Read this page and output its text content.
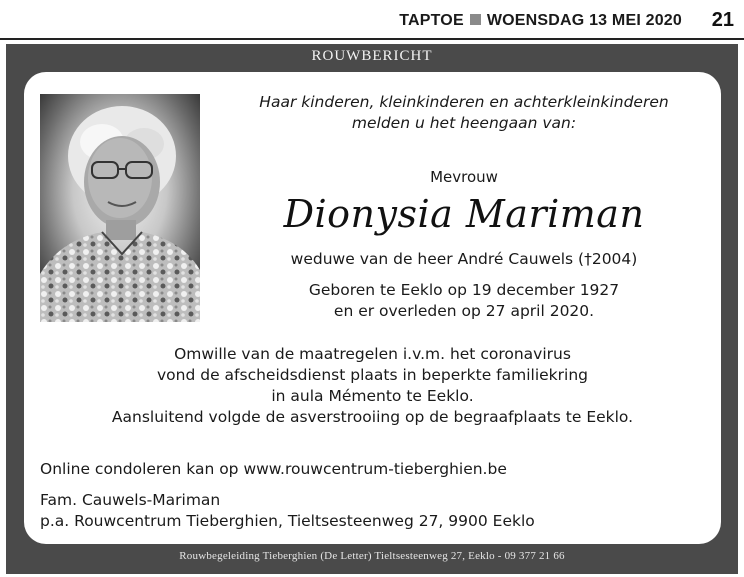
TAPTOE WOENSDAG 13 MEI 2020 21
ROUWBERICHT
Haar kinderen, kleinkinderen en achterkleinkinderen
melden u het heengaan van:
Mevrouw
Dionysia Mariman
weduwe van de heer André Cauwels (†2004)
Geboren te Eeklo op 19 december 1927
en er overleden op 27 april 2020.
Omwille van de maatregelen i.v.m. het coronavirus
vond de afscheidsdienst plaats in beperkte familiekring
in aula Mémento te Eeklo.
Aansluitend volgde de asverstrooiing op de begraafplaats te Eeklo.
Online condoleren kan op www.rouwcentrum-tieberghien.be
Fam. Cauwels-Mariman
p.a. Rouwcentrum Tieberghien, Tieltsesteenweg 27, 9900 Eeklo
Rouwbegeleiding Tieberghien (De Letter) Tieltsesteenweg 27, Eeklo - 09 377 21 66
